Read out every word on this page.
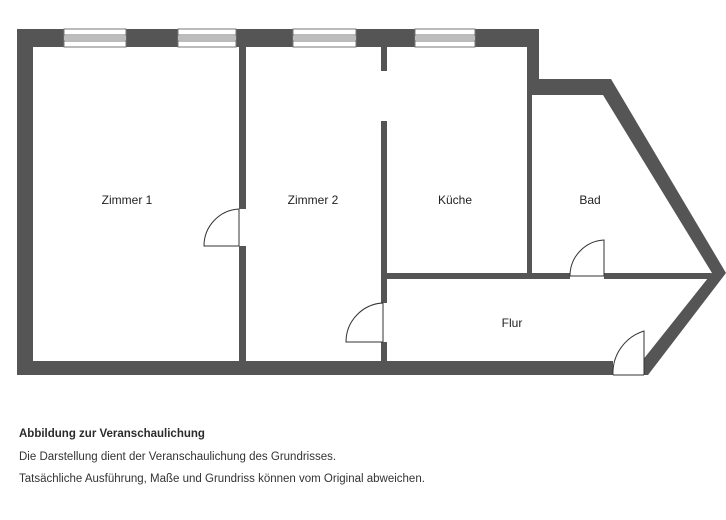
Zimmer 1	Zimmer 2	Küche	Bad
Flur
Abbildung zur Veranschaulichung
Die Darstellung dient der Veranschaulichung des Grundrisses.
Tatsächliche Ausführung, Maße und Grundriss können vom Original abweichen.
